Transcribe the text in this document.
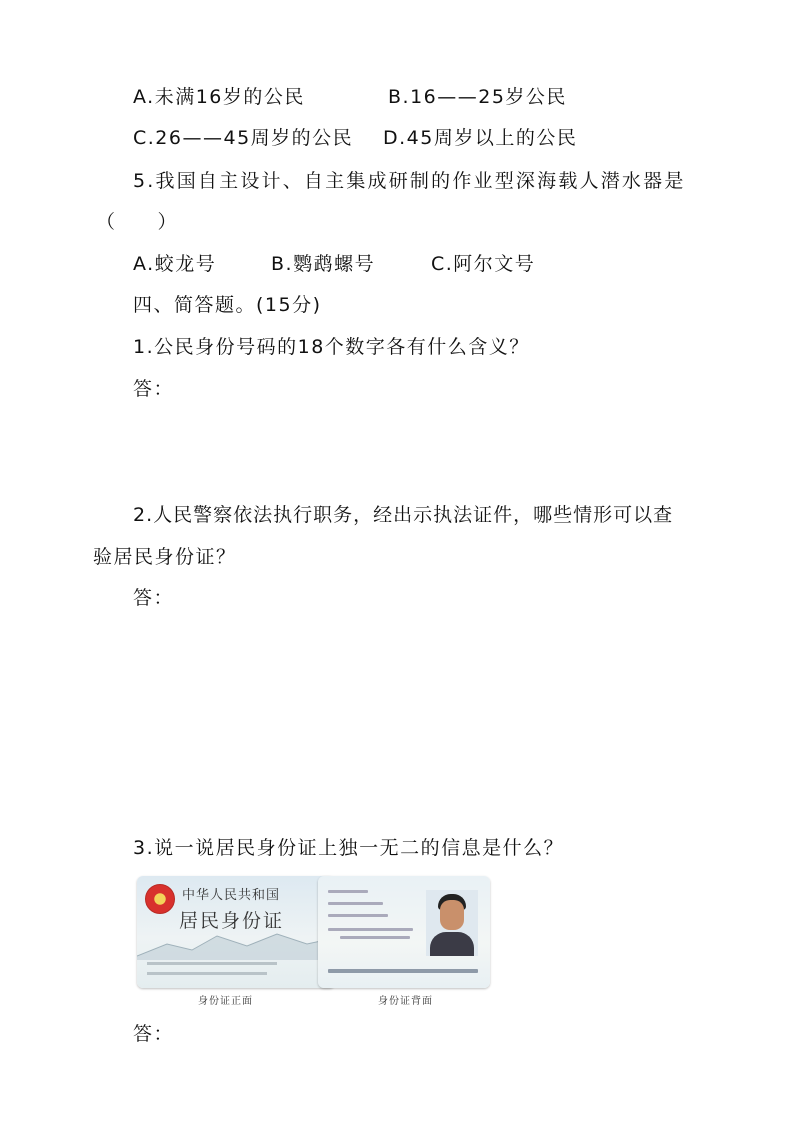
A.未满16岁的公民	B.16——25岁公民
C.26——45周岁的公民 D.45周岁以上的公民
5.我国自主设计、自主集成研制的作业型深海载人潜水器是
（　　）
A.蛟龙号	B.鹦鹉螺号	C.阿尔文号
四、简答题。(15分)
1.公民身份号码的18个数字各有什么含义？
答：
2.人民警察依法执行职务，经出示执法证件，哪些情形可以查
验居民身份证？
答：
3.说一说居民身份证上独一无二的信息是什么？
中华人民共和国
居民身份证
身份证正面	身份证背面
答：
